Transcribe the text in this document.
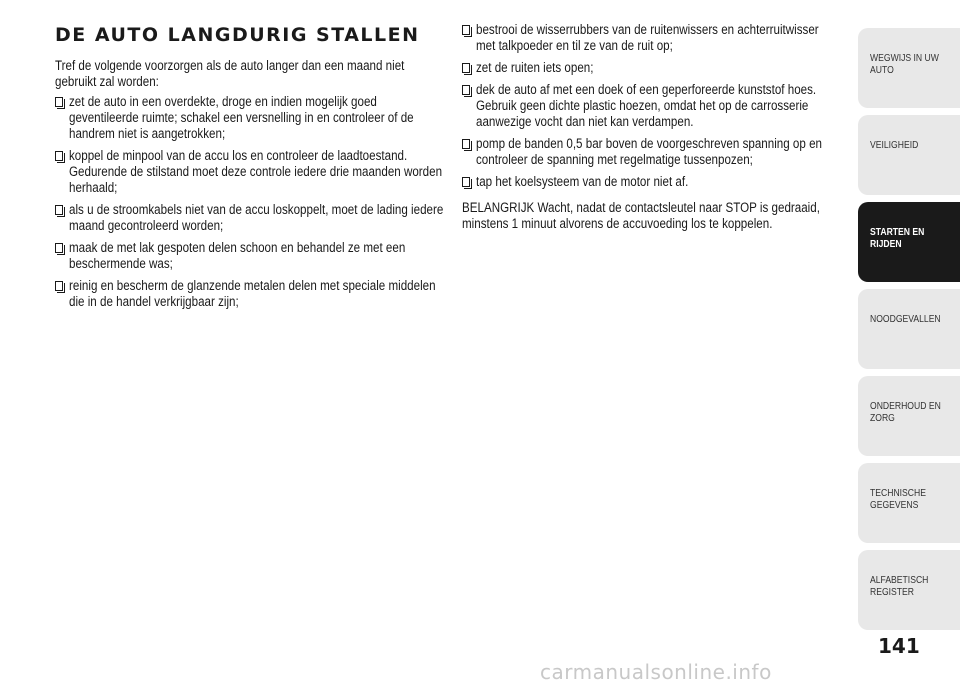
DE AUTO LANGDURIG STALLEN
Tref de volgende voorzorgen als de auto langer dan een maand niet gebruikt zal worden:
zet de auto in een overdekte, droge en indien mogelijk goed geventileerde ruimte; schakel een versnelling in en controleer of de handrem niet is aangetrokken;
koppel de minpool van de accu los en controleer de laadtoestand. Gedurende de stilstand moet deze controle iedere drie maanden worden herhaald;
als u de stroomkabels niet van de accu loskoppelt, moet de lading iedere maand gecontroleerd worden;
maak de met lak gespoten delen schoon en behandel ze met een beschermende was;
reinig en bescherm de glanzende metalen delen met speciale middelen die in de handel verkrijgbaar zijn;
bestrooi de wisserrubbers van de ruitenwissers en achterruitwisser met talkpoeder en til ze van de ruit op;
zet de ruiten iets open;
dek de auto af met een doek of een geperforeerde kunststof hoes. Gebruik geen dichte plastic hoezen, omdat het op de carrosserie aanwezige vocht dan niet kan verdampen.
pomp de banden 0,5 bar boven de voorgeschreven spanning op en controleer de spanning met regelmatige tussenpozen;
tap het koelsysteem van de motor niet af.
BELANGRIJK Wacht, nadat de contactsleutel naar STOP is gedraaid, minstens 1 minuut alvorens de accuvoeding los te koppelen.
WEGWIJS IN UW AUTO
VEILIGHEID
STARTEN EN RIJDEN
NOODGEVALLEN
ONDERHOUD EN ZORG
TECHNISCHE GEGEVENS
ALFABETISCH REGISTER
141
carmanualsonline.info
